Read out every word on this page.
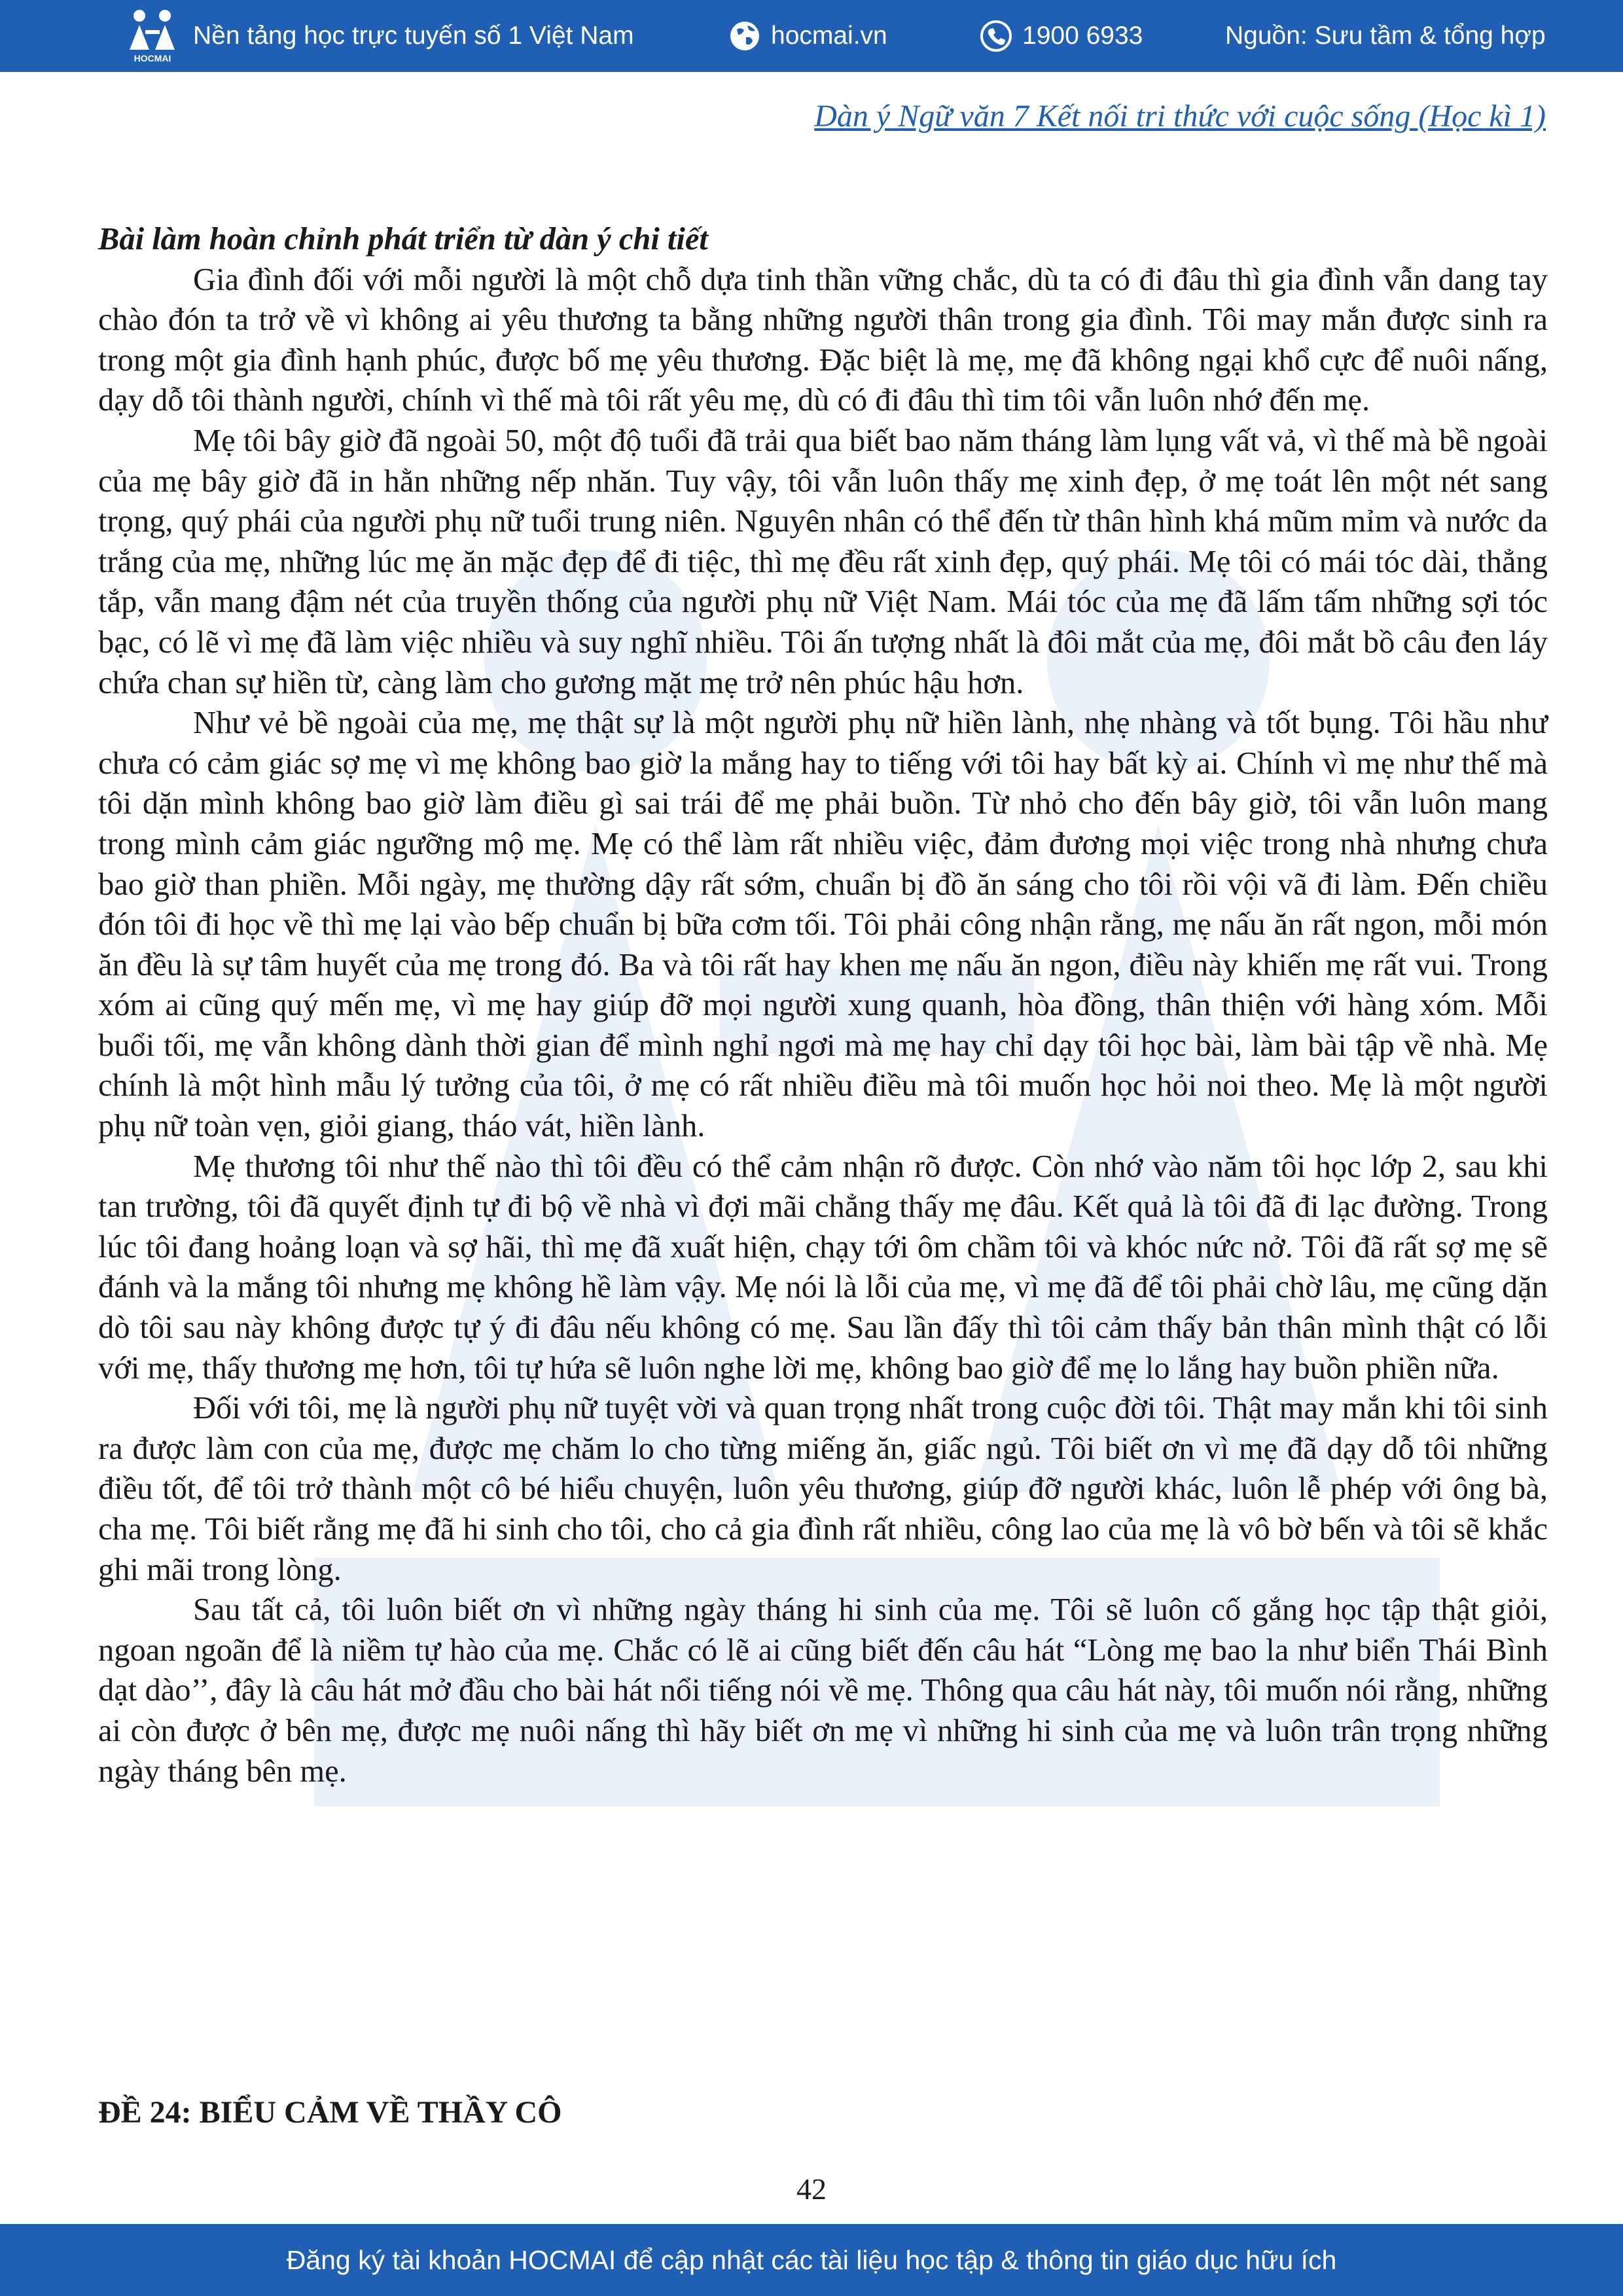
HOCMAI
Nền tảng học trực tuyến số 1 Việt Nam	hocmai.vn	1900 6933	Nguồn: Sưu tầm & tổng hợp
Dàn ý Ngữ văn 7 Kết nối tri thức với cuộc sống (Học kì 1)

Bài làm hoàn chỉnh phát triển từ dàn ý chi tiết

Gia đình đối với mỗi người là một chỗ dựa tinh thần vững chắc, dù ta có đi đâu thì gia đình vẫn dang tay chào đón ta trở về vì không ai yêu thương ta bằng những người thân trong gia đình. Tôi may mắn được sinh ra trong một gia đình hạnh phúc, được bố mẹ yêu thương. Đặc biệt là mẹ, mẹ đã không ngại khổ cực để nuôi nấng, dạy dỗ tôi thành người, chính vì thế mà tôi rất yêu mẹ, dù có đi đâu thì tim tôi vẫn luôn nhớ đến mẹ.

Mẹ tôi bây giờ đã ngoài 50, một độ tuổi đã trải qua biết bao năm tháng làm lụng vất vả, vì thế mà bề ngoài của mẹ bây giờ đã in hằn những nếp nhăn. Tuy vậy, tôi vẫn luôn thấy mẹ xinh đẹp, ở mẹ toát lên một nét sang trọng, quý phái của người phụ nữ tuổi trung niên. Nguyên nhân có thể đến từ thân hình khá mũm mỉm và nước da trắng của mẹ, những lúc mẹ ăn mặc đẹp để đi tiệc, thì mẹ đều rất xinh đẹp, quý phái. Mẹ tôi có mái tóc dài, thẳng tắp, vẫn mang đậm nét của truyền thống của người phụ nữ Việt Nam. Mái tóc của mẹ đã lấm tấm những sợi tóc bạc, có lẽ vì mẹ đã làm việc nhiều và suy nghĩ nhiều. Tôi ấn tượng nhất là đôi mắt của mẹ, đôi mắt bồ câu đen láy chứa chan sự hiền từ, càng làm cho gương mặt mẹ trở nên phúc hậu hơn.

Như vẻ bề ngoài của mẹ, mẹ thật sự là một người phụ nữ hiền lành, nhẹ nhàng và tốt bụng. Tôi hầu như chưa có cảm giác sợ mẹ vì mẹ không bao giờ la mắng hay to tiếng với tôi hay bất kỳ ai. Chính vì mẹ như thế mà tôi dặn mình không bao giờ làm điều gì sai trái để mẹ phải buồn. Từ nhỏ cho đến bây giờ, tôi vẫn luôn mang trong mình cảm giác ngưỡng mộ mẹ. Mẹ có thể làm rất nhiều việc, đảm đương mọi việc trong nhà nhưng chưa bao giờ than phiền. Mỗi ngày, mẹ thường dậy rất sớm, chuẩn bị đồ ăn sáng cho tôi rồi vội vã đi làm. Đến chiều đón tôi đi học về thì mẹ lại vào bếp chuẩn bị bữa cơm tối. Tôi phải công nhận rằng, mẹ nấu ăn rất ngon, mỗi món ăn đều là sự tâm huyết của mẹ trong đó. Ba và tôi rất hay khen mẹ nấu ăn ngon, điều này khiến mẹ rất vui. Trong xóm ai cũng quý mến mẹ, vì mẹ hay giúp đỡ mọi người xung quanh, hòa đồng, thân thiện với hàng xóm. Mỗi buổi tối, mẹ vẫn không dành thời gian để mình nghỉ ngơi mà mẹ hay chỉ dạy tôi học bài, làm bài tập về nhà. Mẹ chính là một hình mẫu lý tưởng của tôi, ở mẹ có rất nhiều điều mà tôi muốn học hỏi noi theo. Mẹ là một người phụ nữ toàn vẹn, giỏi giang, tháo vát, hiền lành.

Mẹ thương tôi như thế nào thì tôi đều có thể cảm nhận rõ được. Còn nhớ vào năm tôi học lớp 2, sau khi tan trường, tôi đã quyết định tự đi bộ về nhà vì đợi mãi chẳng thấy mẹ đâu. Kết quả là tôi đã đi lạc đường. Trong lúc tôi đang hoảng loạn và sợ hãi, thì mẹ đã xuất hiện, chạy tới ôm chầm tôi và khóc nức nở. Tôi đã rất sợ mẹ sẽ đánh và la mắng tôi nhưng mẹ không hề làm vậy. Mẹ nói là lỗi của mẹ, vì mẹ đã để tôi phải chờ lâu, mẹ cũng dặn dò tôi sau này không được tự ý đi đâu nếu không có mẹ. Sau lần đấy thì tôi cảm thấy bản thân mình thật có lỗi với mẹ, thấy thương mẹ hơn, tôi tự hứa sẽ luôn nghe lời mẹ, không bao giờ để mẹ lo lắng hay buồn phiền nữa.

Đối với tôi, mẹ là người phụ nữ tuyệt vời và quan trọng nhất trong cuộc đời tôi. Thật may mắn khi tôi sinh ra được làm con của mẹ, được mẹ chăm lo cho từng miếng ăn, giấc ngủ. Tôi biết ơn vì mẹ đã dạy dỗ tôi những điều tốt, để tôi trở thành một cô bé hiểu chuyện, luôn yêu thương, giúp đỡ người khác, luôn lễ phép với ông bà, cha mẹ. Tôi biết rằng mẹ đã hi sinh cho tôi, cho cả gia đình rất nhiều, công lao của mẹ là vô bờ bến và tôi sẽ khắc ghi mãi trong lòng.

Sau tất cả, tôi luôn biết ơn vì những ngày tháng hi sinh của mẹ. Tôi sẽ luôn cố gắng học tập thật giỏi, ngoan ngoãn để là niềm tự hào của mẹ. Chắc có lẽ ai cũng biết đến câu hát “Lòng mẹ bao la như biển Thái Bình dạt dào’’, đây là câu hát mở đầu cho bài hát nổi tiếng nói về mẹ. Thông qua câu hát này, tôi muốn nói rằng, những ai còn được ở bên mẹ, được mẹ nuôi nấng thì hãy biết ơn mẹ vì những hi sinh của mẹ và luôn trân trọng những ngày tháng bên mẹ.

ĐỀ 24: BIỂU CẢM VỀ THẦY CÔ
42
Đăng ký tài khoản HOCMAI để cập nhật các tài liệu học tập & thông tin giáo dục hữu ích
